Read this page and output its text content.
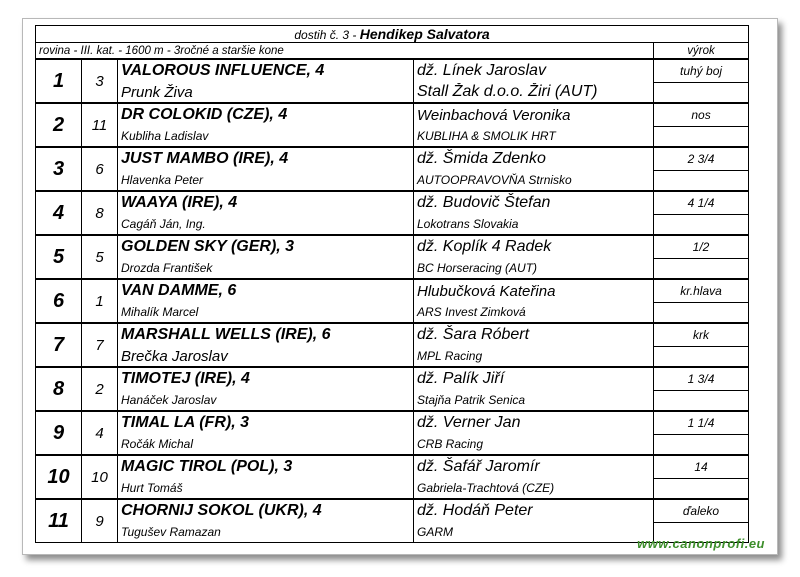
dostih č. 3 - Hendikep Salvatora				
rovina - III. kat. - 1600 m - 3ročné a staršie kone				výrok
1	3	VALOROUS INFLUENCE, 4	dž. Línek Jaroslav	tuhý boj
		Prunk Živa	Stall Žak d.o.o. Žiri (AUT)	
2	11	DR COLOKID (CZE), 4	Weinbachová Veronika	nos
		Kubliha Ladislav	KUBLIHA & SMOLIK HRT	
3	6	JUST MAMBO (IRE), 4	dž. Šmida Zdenko	2 3/4
		Hlavenka Peter	AUTOOPRAVOVŇA Strnisko	
4	8	WAAYA (IRE), 4	dž. Budovič Štefan	4 1/4
		Cagáň Ján, Ing.	Lokotrans Slovakia	
5	5	GOLDEN SKY (GER), 3	dž. Koplík 4 Radek	1/2
		Drozda František	BC Horseracing (AUT)	
6	1	VAN DAMME, 6	Hlubučková Kateřina	kr.hlava
		Mihalík Marcel	ARS Invest Zimková	
7	7	MARSHALL WELLS (IRE), 6	dž. Šara Róbert	krk
		Brečka Jaroslav	MPL Racing	
8	2	TIMOTEJ (IRE), 4	dž. Palík Jiří	1 3/4
		Hanáček Jaroslav	Stajňa Patrik Senica	
9	4	TIMAL LA (FR), 3	dž. Verner Jan	1 1/4
		Ročák Michal	CRB Racing	
10	10	MAGIC TIROL (POL), 3	dž. Šafář Jaromír	14
		Hurt Tomáš	Gabriela-Trachtová (CZE)	
11	9	CHORNIJ SOKOL (UKR), 4	dž. Hodáň Peter	ďaleko
		Tugušev Ramazan	GARM	
www.canonprofi.eu
